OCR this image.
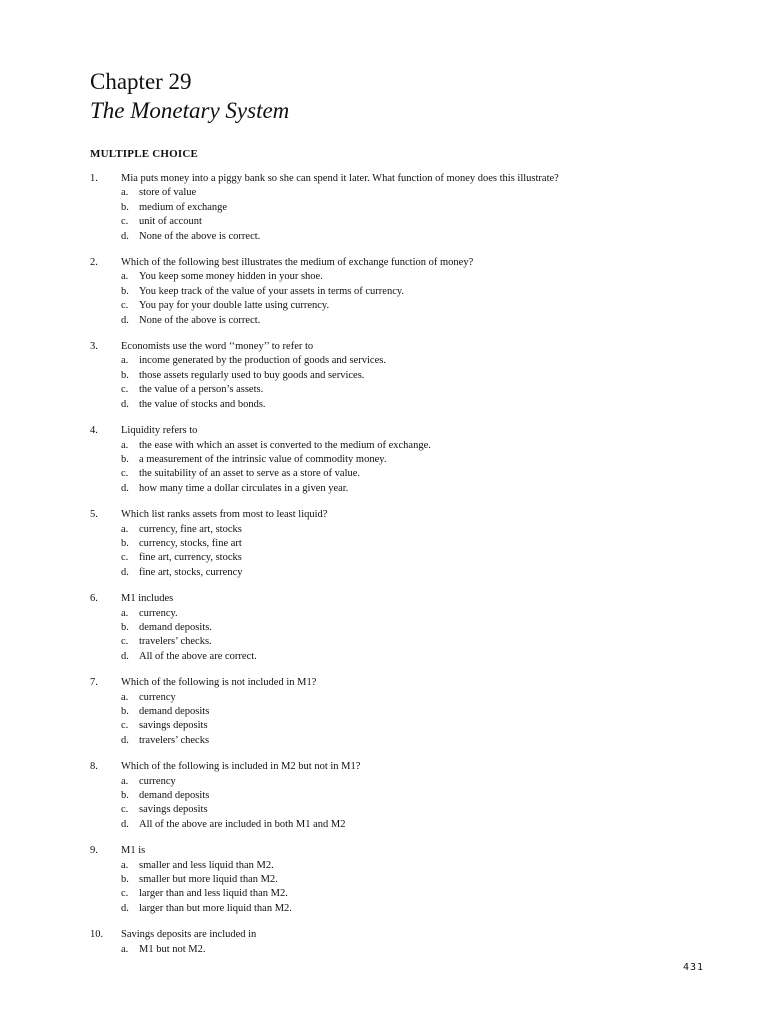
Chapter 29
The Monetary System
MULTIPLE CHOICE
1. Mia puts money into a piggy bank so she can spend it later. What function of money does this illustrate?
a. store of value
b. medium of exchange
c. unit of account
d. None of the above is correct.
2. Which of the following best illustrates the medium of exchange function of money?
a. You keep some money hidden in your shoe.
b. You keep track of the value of your assets in terms of currency.
c. You pay for your double latte using currency.
d. None of the above is correct.
3. Economists use the word ‘‘money’’ to refer to
a. income generated by the production of goods and services.
b. those assets regularly used to buy goods and services.
c. the value of a person’s assets.
d. the value of stocks and bonds.
4. Liquidity refers to
a. the ease with which an asset is converted to the medium of exchange.
b. a measurement of the intrinsic value of commodity money.
c. the suitability of an asset to serve as a store of value.
d. how many time a dollar circulates in a given year.
5. Which list ranks assets from most to least liquid?
a. currency, fine art, stocks
b. currency, stocks, fine art
c. fine art, currency, stocks
d. fine art, stocks, currency
6. M1 includes
a. currency.
b. demand deposits.
c. travelers’ checks.
d. All of the above are correct.
7. Which of the following is not included in M1?
a. currency
b. demand deposits
c. savings deposits
d. travelers’ checks
8. Which of the following is included in M2 but not in M1?
a. currency
b. demand deposits
c. savings deposits
d. All of the above are included in both M1 and M2
9. M1 is
a. smaller and less liquid than M2.
b. smaller but more liquid than M2.
c. larger than and less liquid than M2.
d. larger than but more liquid than M2.
10. Savings deposits are included in
a. M1 but not M2.
431
